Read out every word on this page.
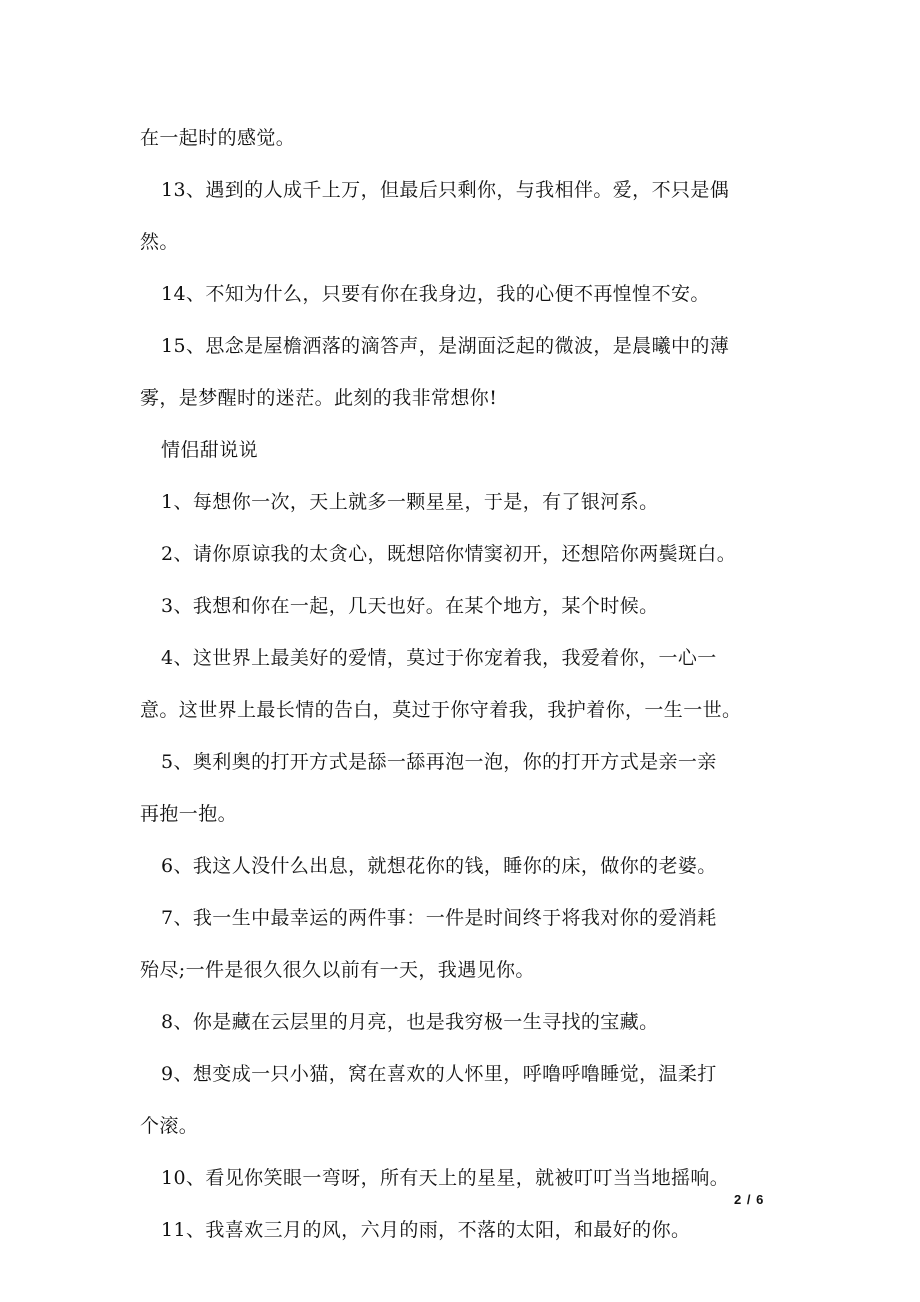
在一起时的感觉。
13、遇到的人成千上万，但最后只剩你，与我相伴。爱，不只是偶
然。
14、不知为什么，只要有你在我身边，我的心便不再惶惶不安。
15、思念是屋檐洒落的滴答声，是湖面泛起的微波，是晨曦中的薄
雾，是梦醒时的迷茫。此刻的我非常想你!
情侣甜说说
1、每想你一次，天上就多一颗星星，于是，有了银河系。
2、请你原谅我的太贪心，既想陪你情窦初开，还想陪你两鬓斑白。
3、我想和你在一起，几天也好。在某个地方，某个时候。
4、这世界上最美好的爱情，莫过于你宠着我，我爱着你，一心一
意。这世界上最长情的告白，莫过于你守着我，我护着你，一生一世。
5、奥利奥的打开方式是舔一舔再泡一泡，你的打开方式是亲一亲
再抱一抱。
6、我这人没什么出息，就想花你的钱，睡你的床，做你的老婆。
7、我一生中最幸运的两件事：一件是时间终于将我对你的爱消耗
殆尽;一件是很久很久以前有一天，我遇见你。
8、你是藏在云层里的月亮，也是我穷极一生寻找的宝藏。
9、想变成一只小猫，窝在喜欢的人怀里，呼噜呼噜睡觉，温柔打
个滚。
10、看见你笑眼一弯呀，所有天上的星星，就被叮叮当当地摇响。
11、我喜欢三月的风，六月的雨，不落的太阳，和最好的你。
2 / 6
